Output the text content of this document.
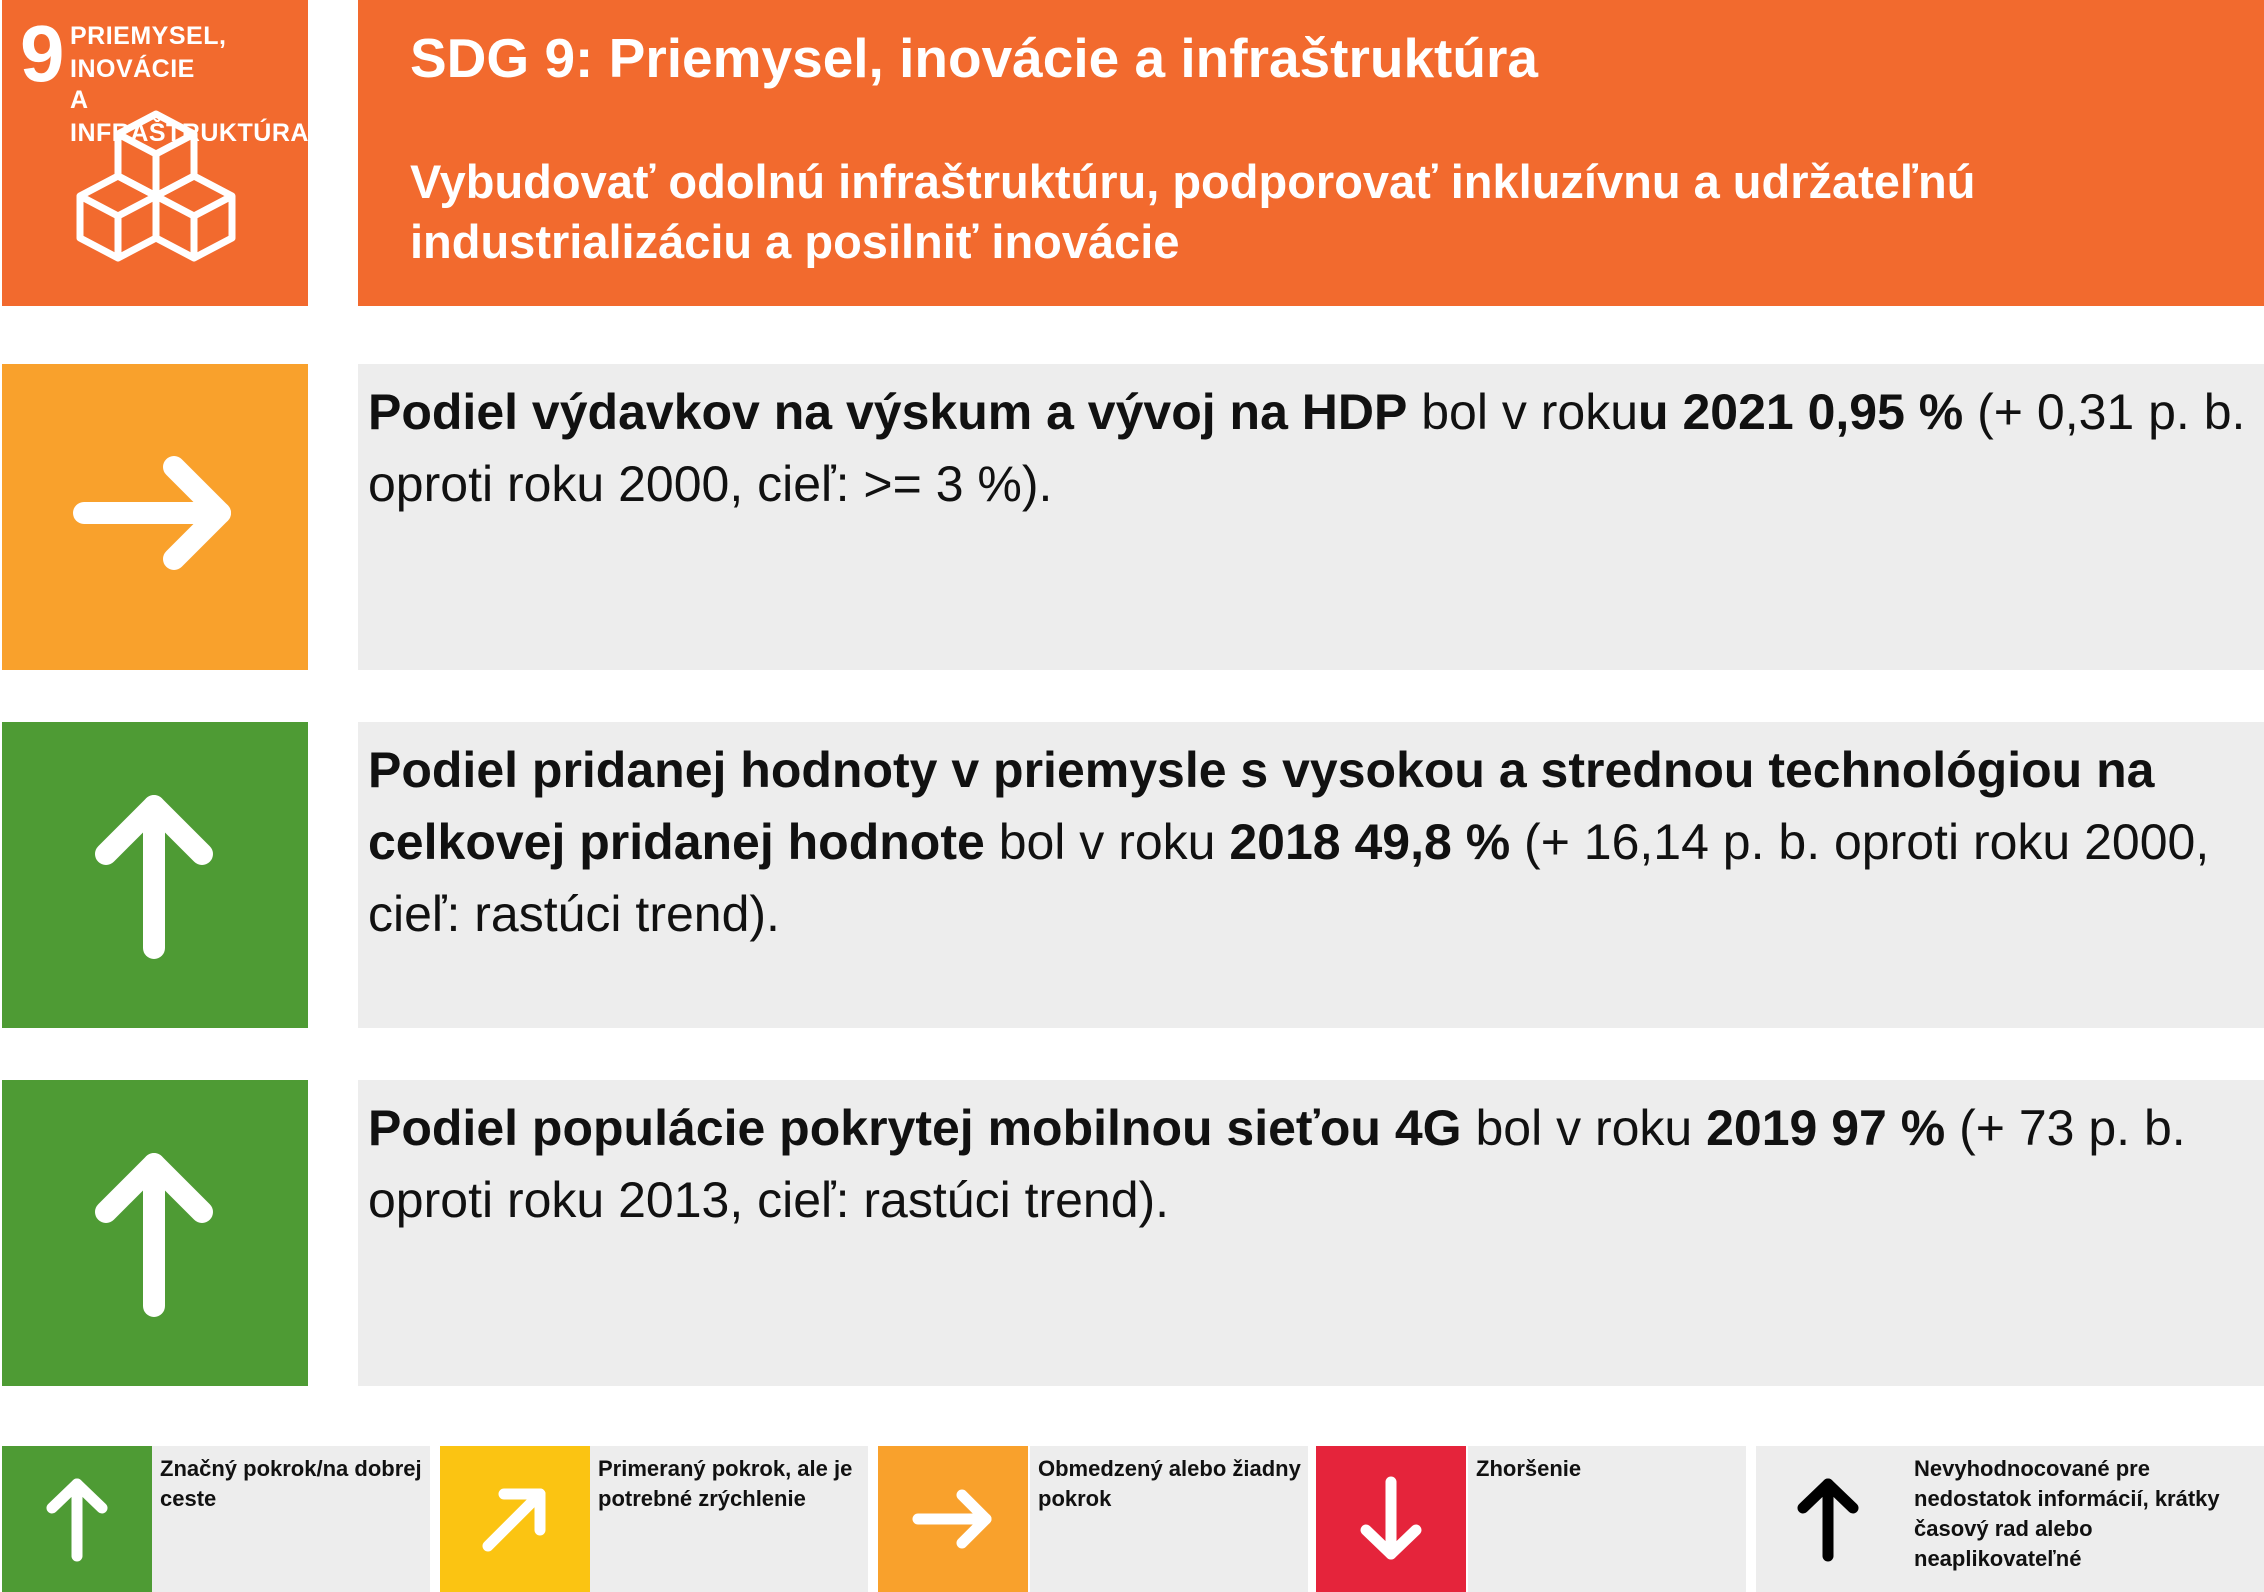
9 PRIEMYSEL, INOVÁCIE
A INFRAŠTRUKTÚRA
SDG 9: Priemysel, inovácie a infraštruktúra
Vybudovať odolnú infraštruktúru, podporovať inkluzívnu a udržateľnú industrializáciu a posilniť inovácie
Podiel výdavkov na výskum a vývoj na HDP bol v rokuu 2021 0,95 % (+ 0,31 p. b. oproti roku 2000, cieľ: >= 3 %).
Podiel pridanej hodnoty v priemysle s vysokou a strednou technológiou na celkovej pridanej hodnote bol v roku 2018 49,8 % (+ 16,14 p. b. oproti roku 2000, cieľ: rastúci trend).
Podiel populácie pokrytej mobilnou sieťou 4G bol v roku 2019 97 % (+ 73 p. b. oproti roku 2013, cieľ: rastúci trend).
Značný pokrok/na dobrej ceste
Primeraný pokrok, ale je potrebné zrýchlenie
Obmedzený alebo žiadny pokrok
Zhoršenie	Nevyhodnocované pre nedostatok informácií, krátky časový rad alebo neaplikovateľné
